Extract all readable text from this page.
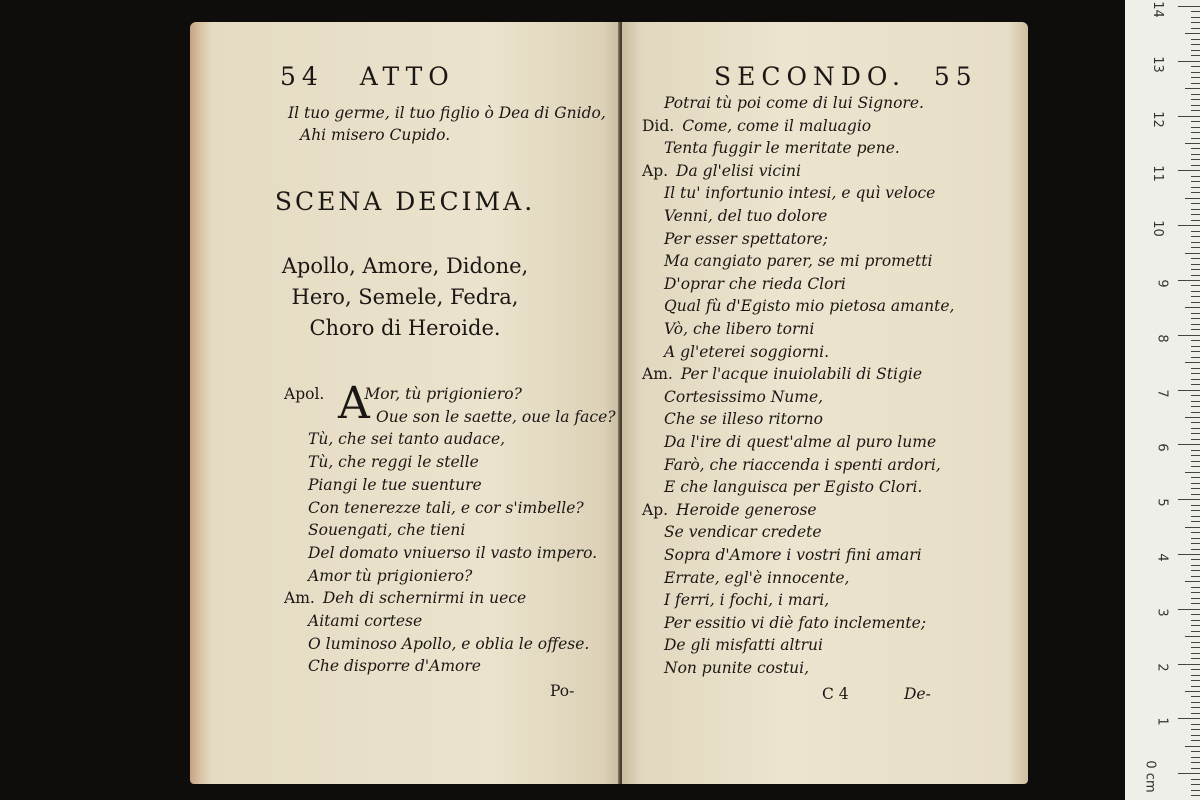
54 ATTO
Il tuo germe, il tuo figlio ò Dea di Gnido,
Ahi misero Cupido.
SCENA DECIMA.
Apollo, Amore, Didone,
Hero, Semele, Fedra,
Choro di Heroide.
A
Apol.	Mor, tù prigioniero?
Oue son le saette, oue la face?
Tù, che sei tanto audace,
Tù, che reggi le stelle
Piangi le tue suenture
Con tenerezze tali, e cor s'imbelle?
Souengati, che tieni
Del domato vniuerso il vasto impero.
Amor tù prigioniero?
Am. Deh di schernirmi in uece
Aitami cortese
O luminoso Apollo, e oblia le offese.
Che disporre d'Amore
Po-
SECONDO. 55
Potrai tù poi come di lui Signore.
Did. Come, come il maluagio
Tenta fuggir le meritate pene.
Ap. Da gl'elisi vicini
Il tu' infortunio intesi, e quì veloce
Venni, del tuo dolore
Per esser spettatore;
Ma cangiato parer, se mi prometti
D'oprar che rieda Clori
Qual fù d'Egisto mio pietosa amante,
Vò, che libero torni
A gl'eterei soggiorni.
Am. Per l'acque inuiolabili di Stigie
Cortesissimo Nume,
Che se illeso ritorno
Da l'ire di quest'alme al puro lume
Farò, che riaccenda i spenti ardori,
E che languisca per Egisto Clori.
Ap. Heroide generose
Se vendicar credete
Sopra d'Amore i vostri fini amari
Errate, egl'è innocente,
I ferri, i fochi, i mari,
Per essitio vi diè fato inclemente;
De gli misfatti altrui
Non punite costui,
C 4	De-
14
13
12
11
10
9
8
7
6
5
4
3
2
1
0 cm
